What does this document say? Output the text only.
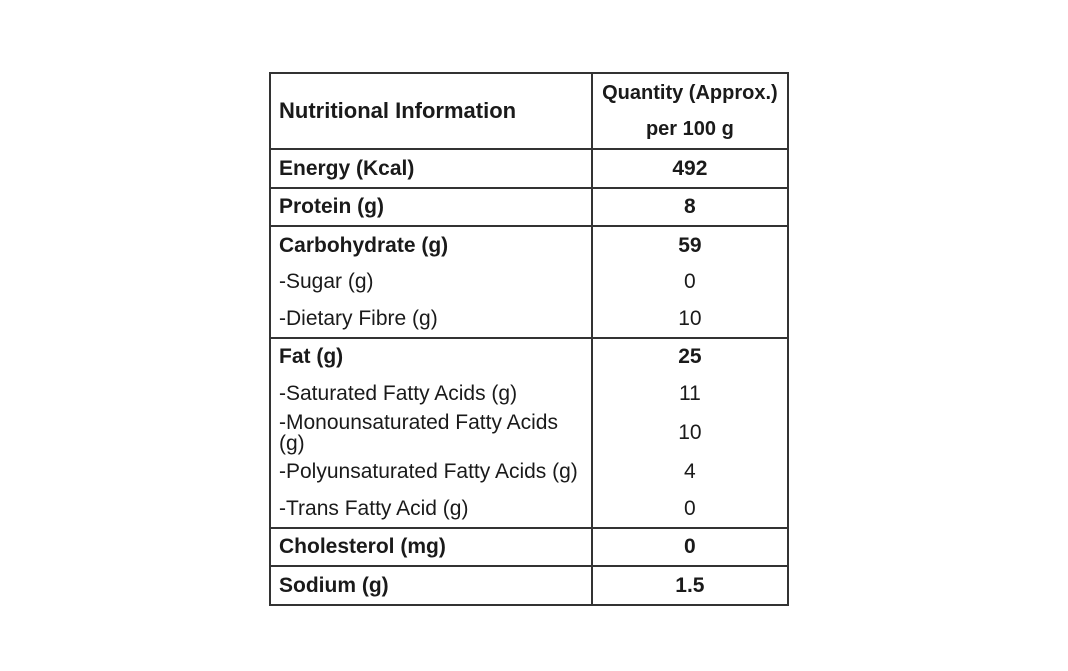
Nutritional Information	Quantity (Approx.)
per 100 g

Energy (Kcal)	492
Protein (g)	8
Carbohydrate (g)	59
-Sugar (g)	0
-Dietary Fibre (g)	10
Fat (g)	25
-Saturated Fatty Acids (g)	11
-Monounsaturated Fatty Acids (g)	10
-Polyunsaturated Fatty Acids (g)	4
-Trans Fatty Acid (g)	0
Cholesterol (mg)	0
Sodium (g)	1.5
